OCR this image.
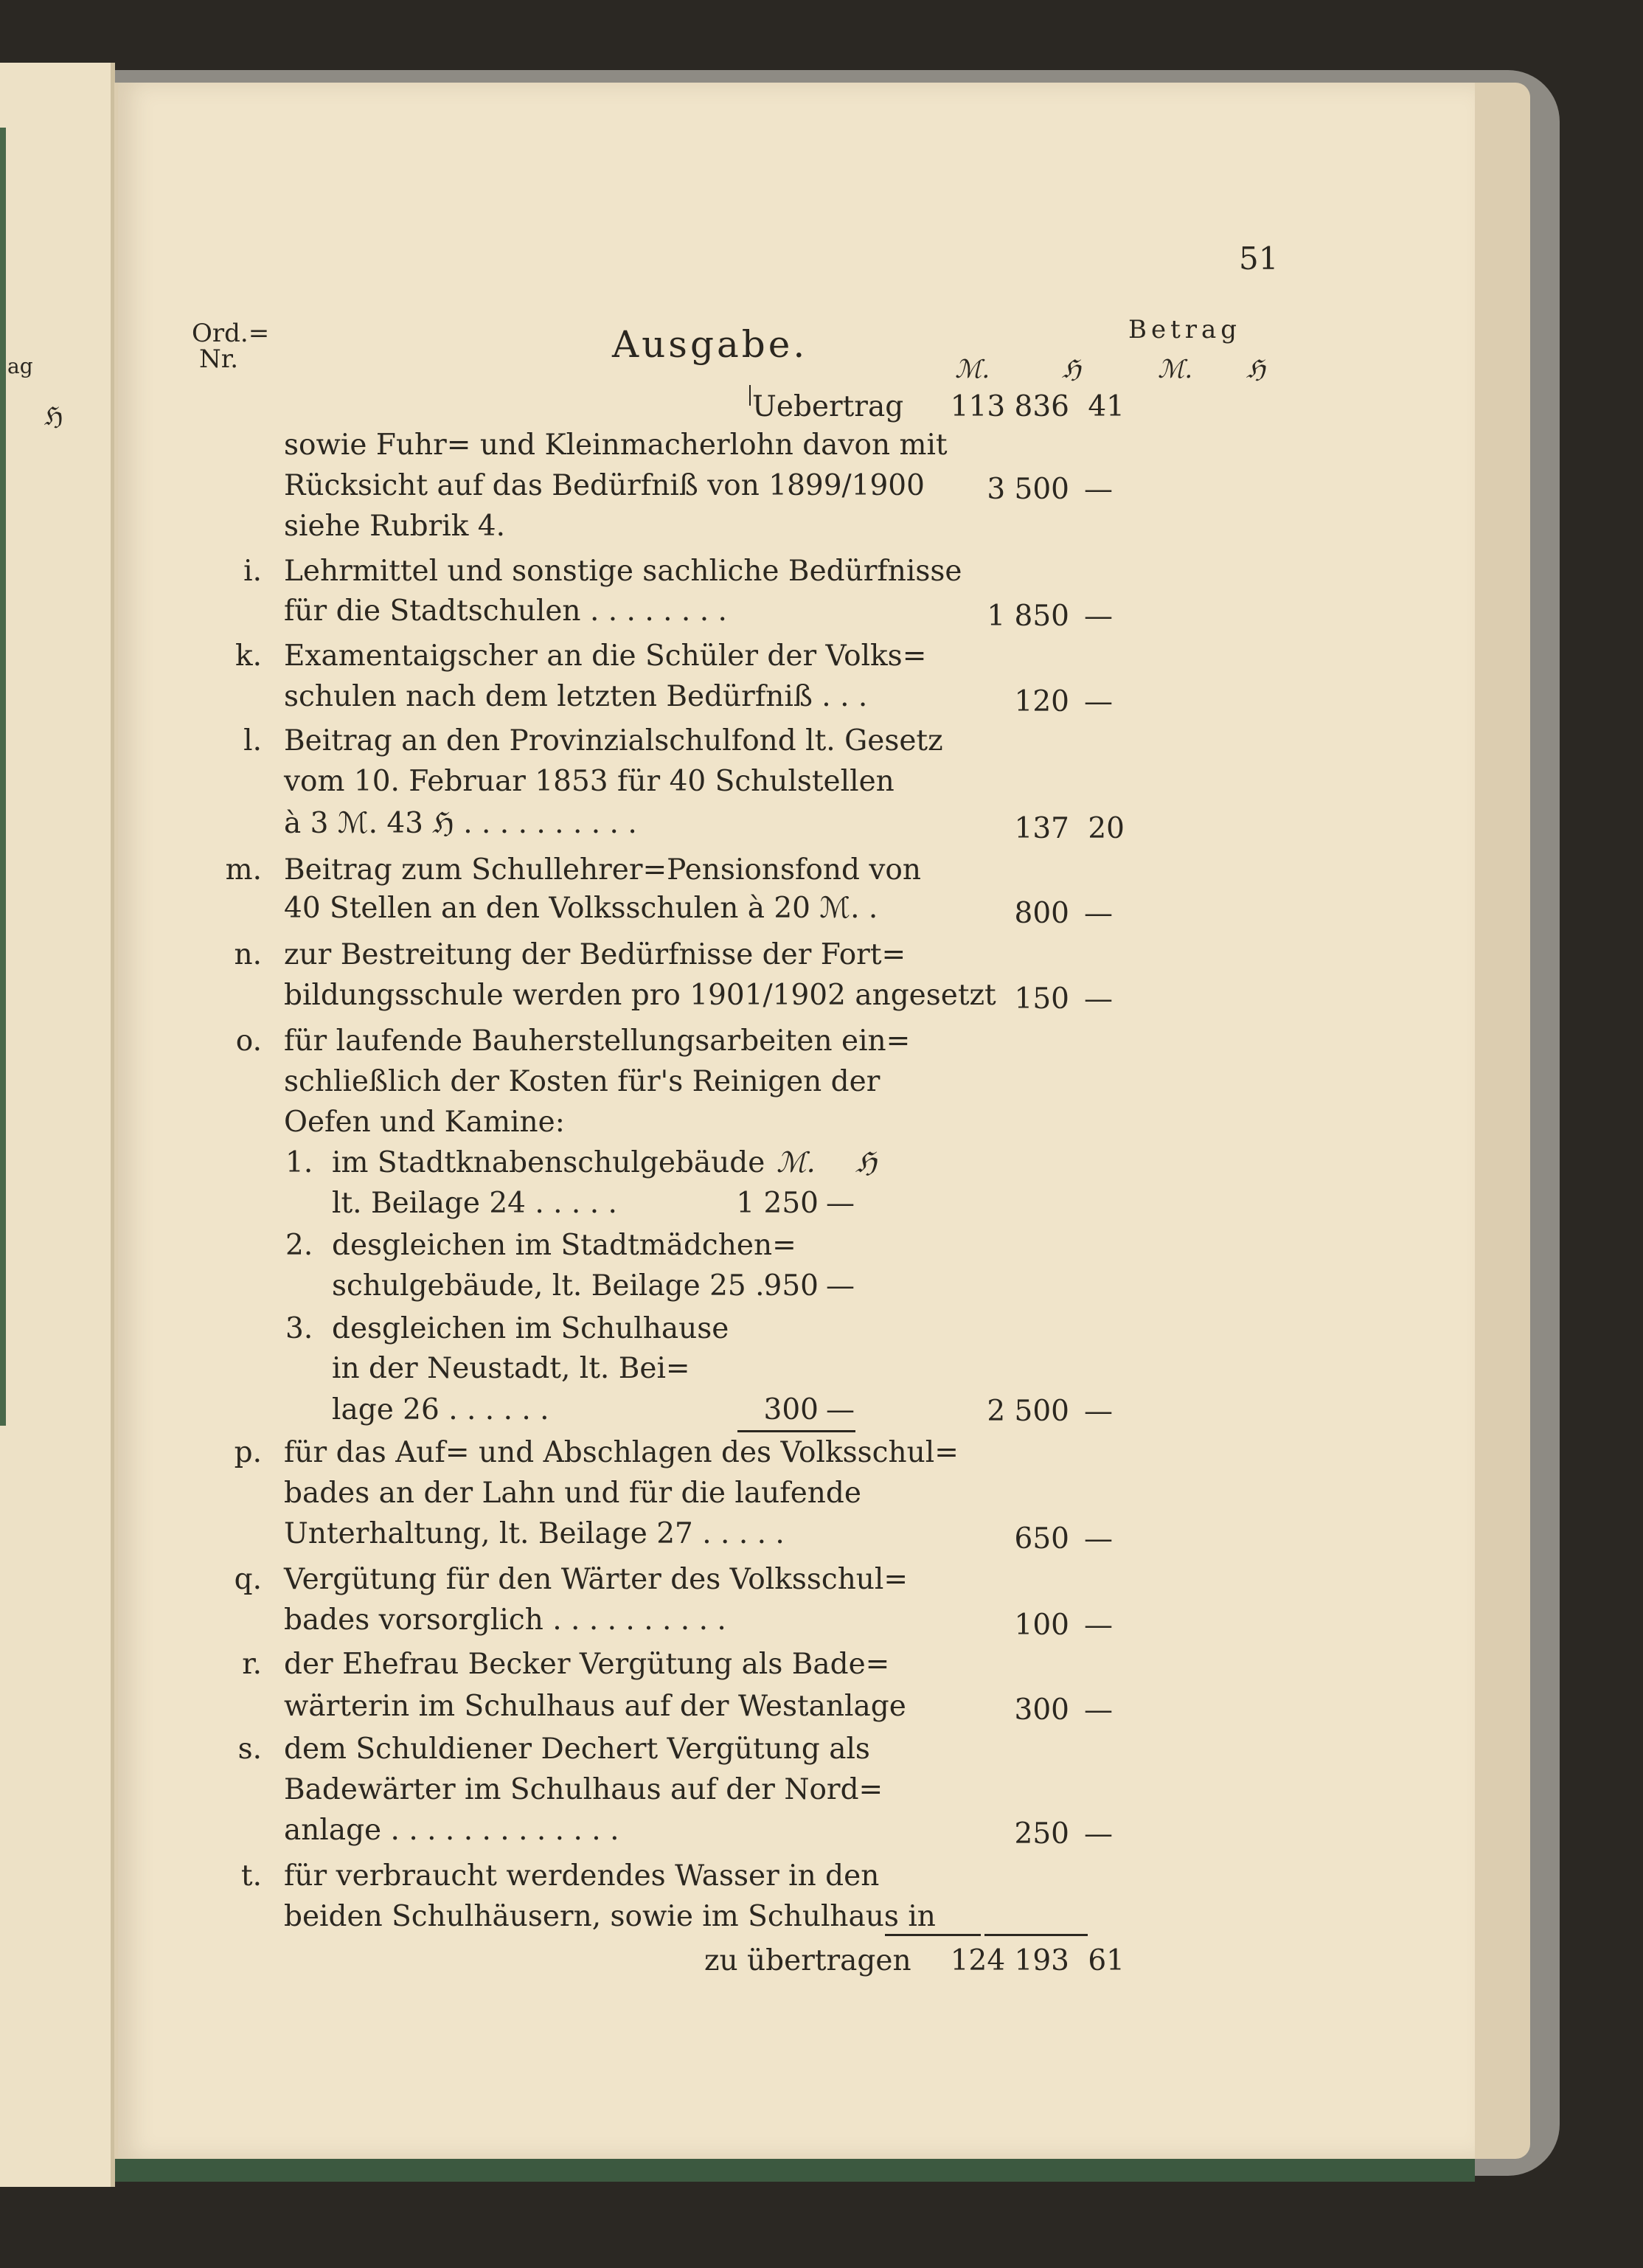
ag
ℌ
51
Ord.=
Nr.	Ausgabe.
ℳ.	ℌ
Betrag
ℳ. ℌ
Uebertrag	113 836 41
sowie Fuhr= und Kleinmacherlohn davon mit
Rücksicht auf das Bedürfniß von 1899/1900	3 500 —
siehe Rubrik 4.
i. Lehrmittel und sonstige sachliche Bedürfnisse
für die Stadtschulen . . . . . . . .	1 850 —
k. Examentaigscher an die Schüler der Volks=
schulen nach dem letzten Bedürfniß . . .	120 —
l. Beitrag an den Provinzialschulfond lt. Gesetz
vom 10. Februar 1853 für 40 Schulstellen
à 3 ℳ. 43 ℌ . . . . . . . . . .	137 20
m. Beitrag zum Schullehrer=Pensionsfond von
40 Stellen an den Volksschulen à 20 ℳ. .	800 —
n. zur Bestreitung der Bedürfnisse der Fort=
bildungsschule werden pro 1901/1902 angesetzt 150 —
o. für laufende Bauherstellungsarbeiten ein=
schließlich der Kosten für's Reinigen der
Oefen und Kamine:
ℳ. ℌ
1. im Stadtknabenschulgebäude
lt. Beilage 24 . . . . .	1 250 —
2. desgleichen im Stadtmädchen=
schulgebäude, lt. Beilage 25 . 950 —
3. desgleichen im Schulhause
in der Neustadt, lt. Bei=
lage 26 . . . . . .	300 —	2 500 —
p. für das Auf= und Abschlagen des Volksschul=
bades an der Lahn und für die laufende
Unterhaltung, lt. Beilage 27 . . . . .	650 —
q. Vergütung für den Wärter des Volksschul=
bades vorsorglich . . . . . . . . . .	100 —
r. der Ehefrau Becker Vergütung als Bade=
wärterin im Schulhaus auf der Westanlage	300 —
s. dem Schuldiener Dechert Vergütung als
Badewärter im Schulhaus auf der Nord=
anlage . . . . . . . . . . . . .	250 —
t. für verbraucht werdendes Wasser in den
beiden Schulhäusern, sowie im Schulhaus in
zu übertragen	124 193 61
